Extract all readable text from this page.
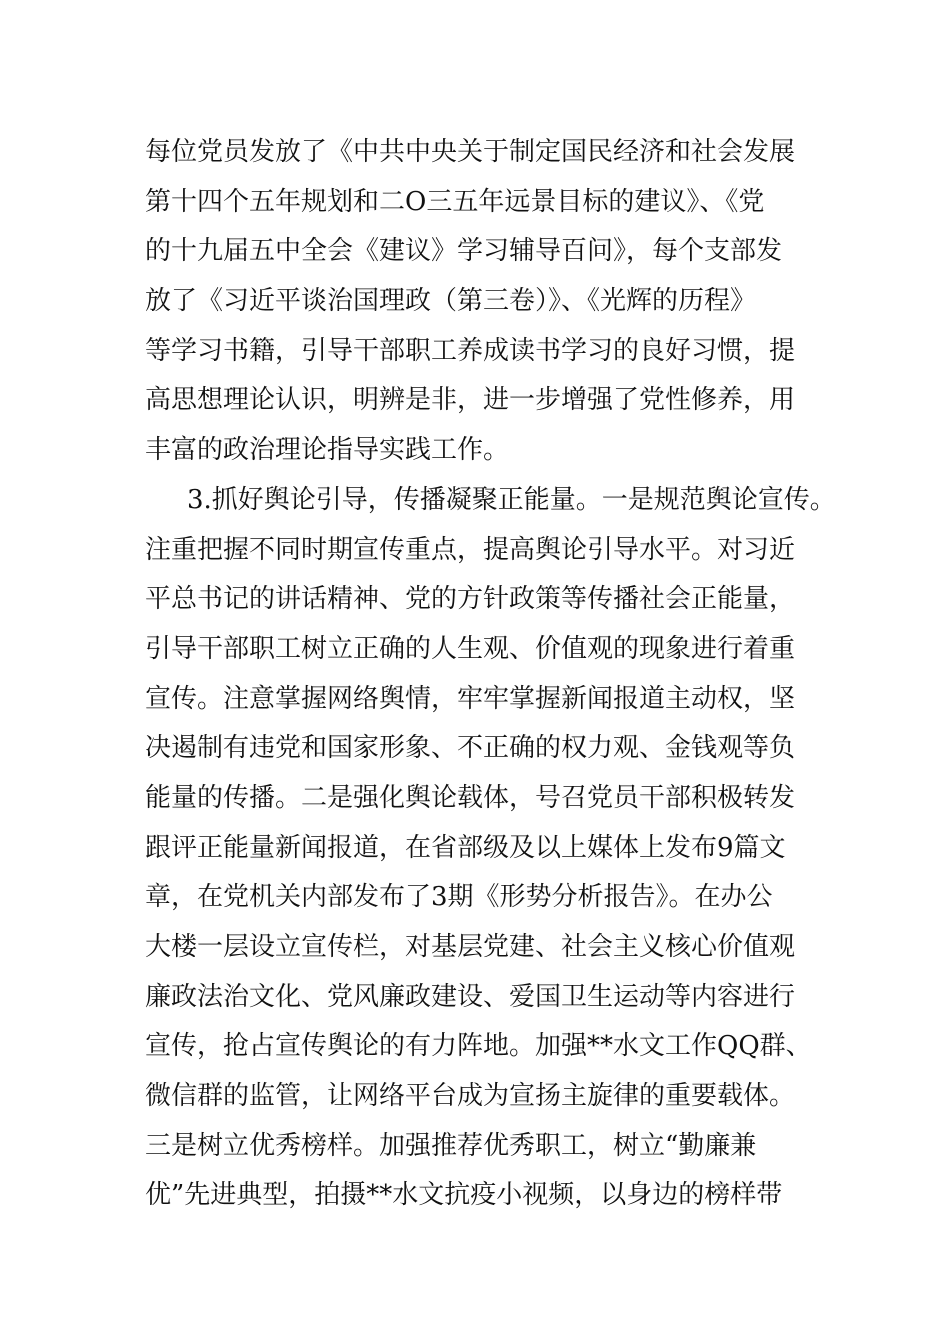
每位党员发放了《中共中央关于制定国民经济和社会发展
第十四个五年规划和二O三五年远景目标的建议》、《党
的十九届五中全会《建议》学习辅导百问》，每个支部发
放了《习近平谈治国理政（第三卷）》、《光辉的历程》
等学习书籍，引导干部职工养成读书学习的良好习惯，提
高思想理论认识，明辨是非，进一步增强了党性修养，用
丰富的政治理论指导实践工作。
3.抓好舆论引导，传播凝聚正能量。一是规范舆论宣传。
注重把握不同时期宣传重点，提高舆论引导水平。对习近
平总书记的讲话精神、党的方针政策等传播社会正能量，
引导干部职工树立正确的人生观、价值观的现象进行着重
宣传。注意掌握网络舆情，牢牢掌握新闻报道主动权，坚
决遏制有违党和国家形象、不正确的权力观、金钱观等负
能量的传播。二是强化舆论载体，号召党员干部积极转发
跟评正能量新闻报道，在省部级及以上媒体上发布9篇文
章，在党机关内部发布了3期《形势分析报告》。在办公
大楼一层设立宣传栏，对基层党建、社会主义核心价值观
廉政法治文化、党风廉政建设、爱国卫生运动等内容进行
宣传，抢占宣传舆论的有力阵地。加强**水文工作QQ群、
微信群的监管，让网络平台成为宣扬主旋律的重要载体。
三是树立优秀榜样。加强推荐优秀职工，树立“勤廉兼
优”先进典型，拍摄**水文抗疫小视频，以身边的榜样带
